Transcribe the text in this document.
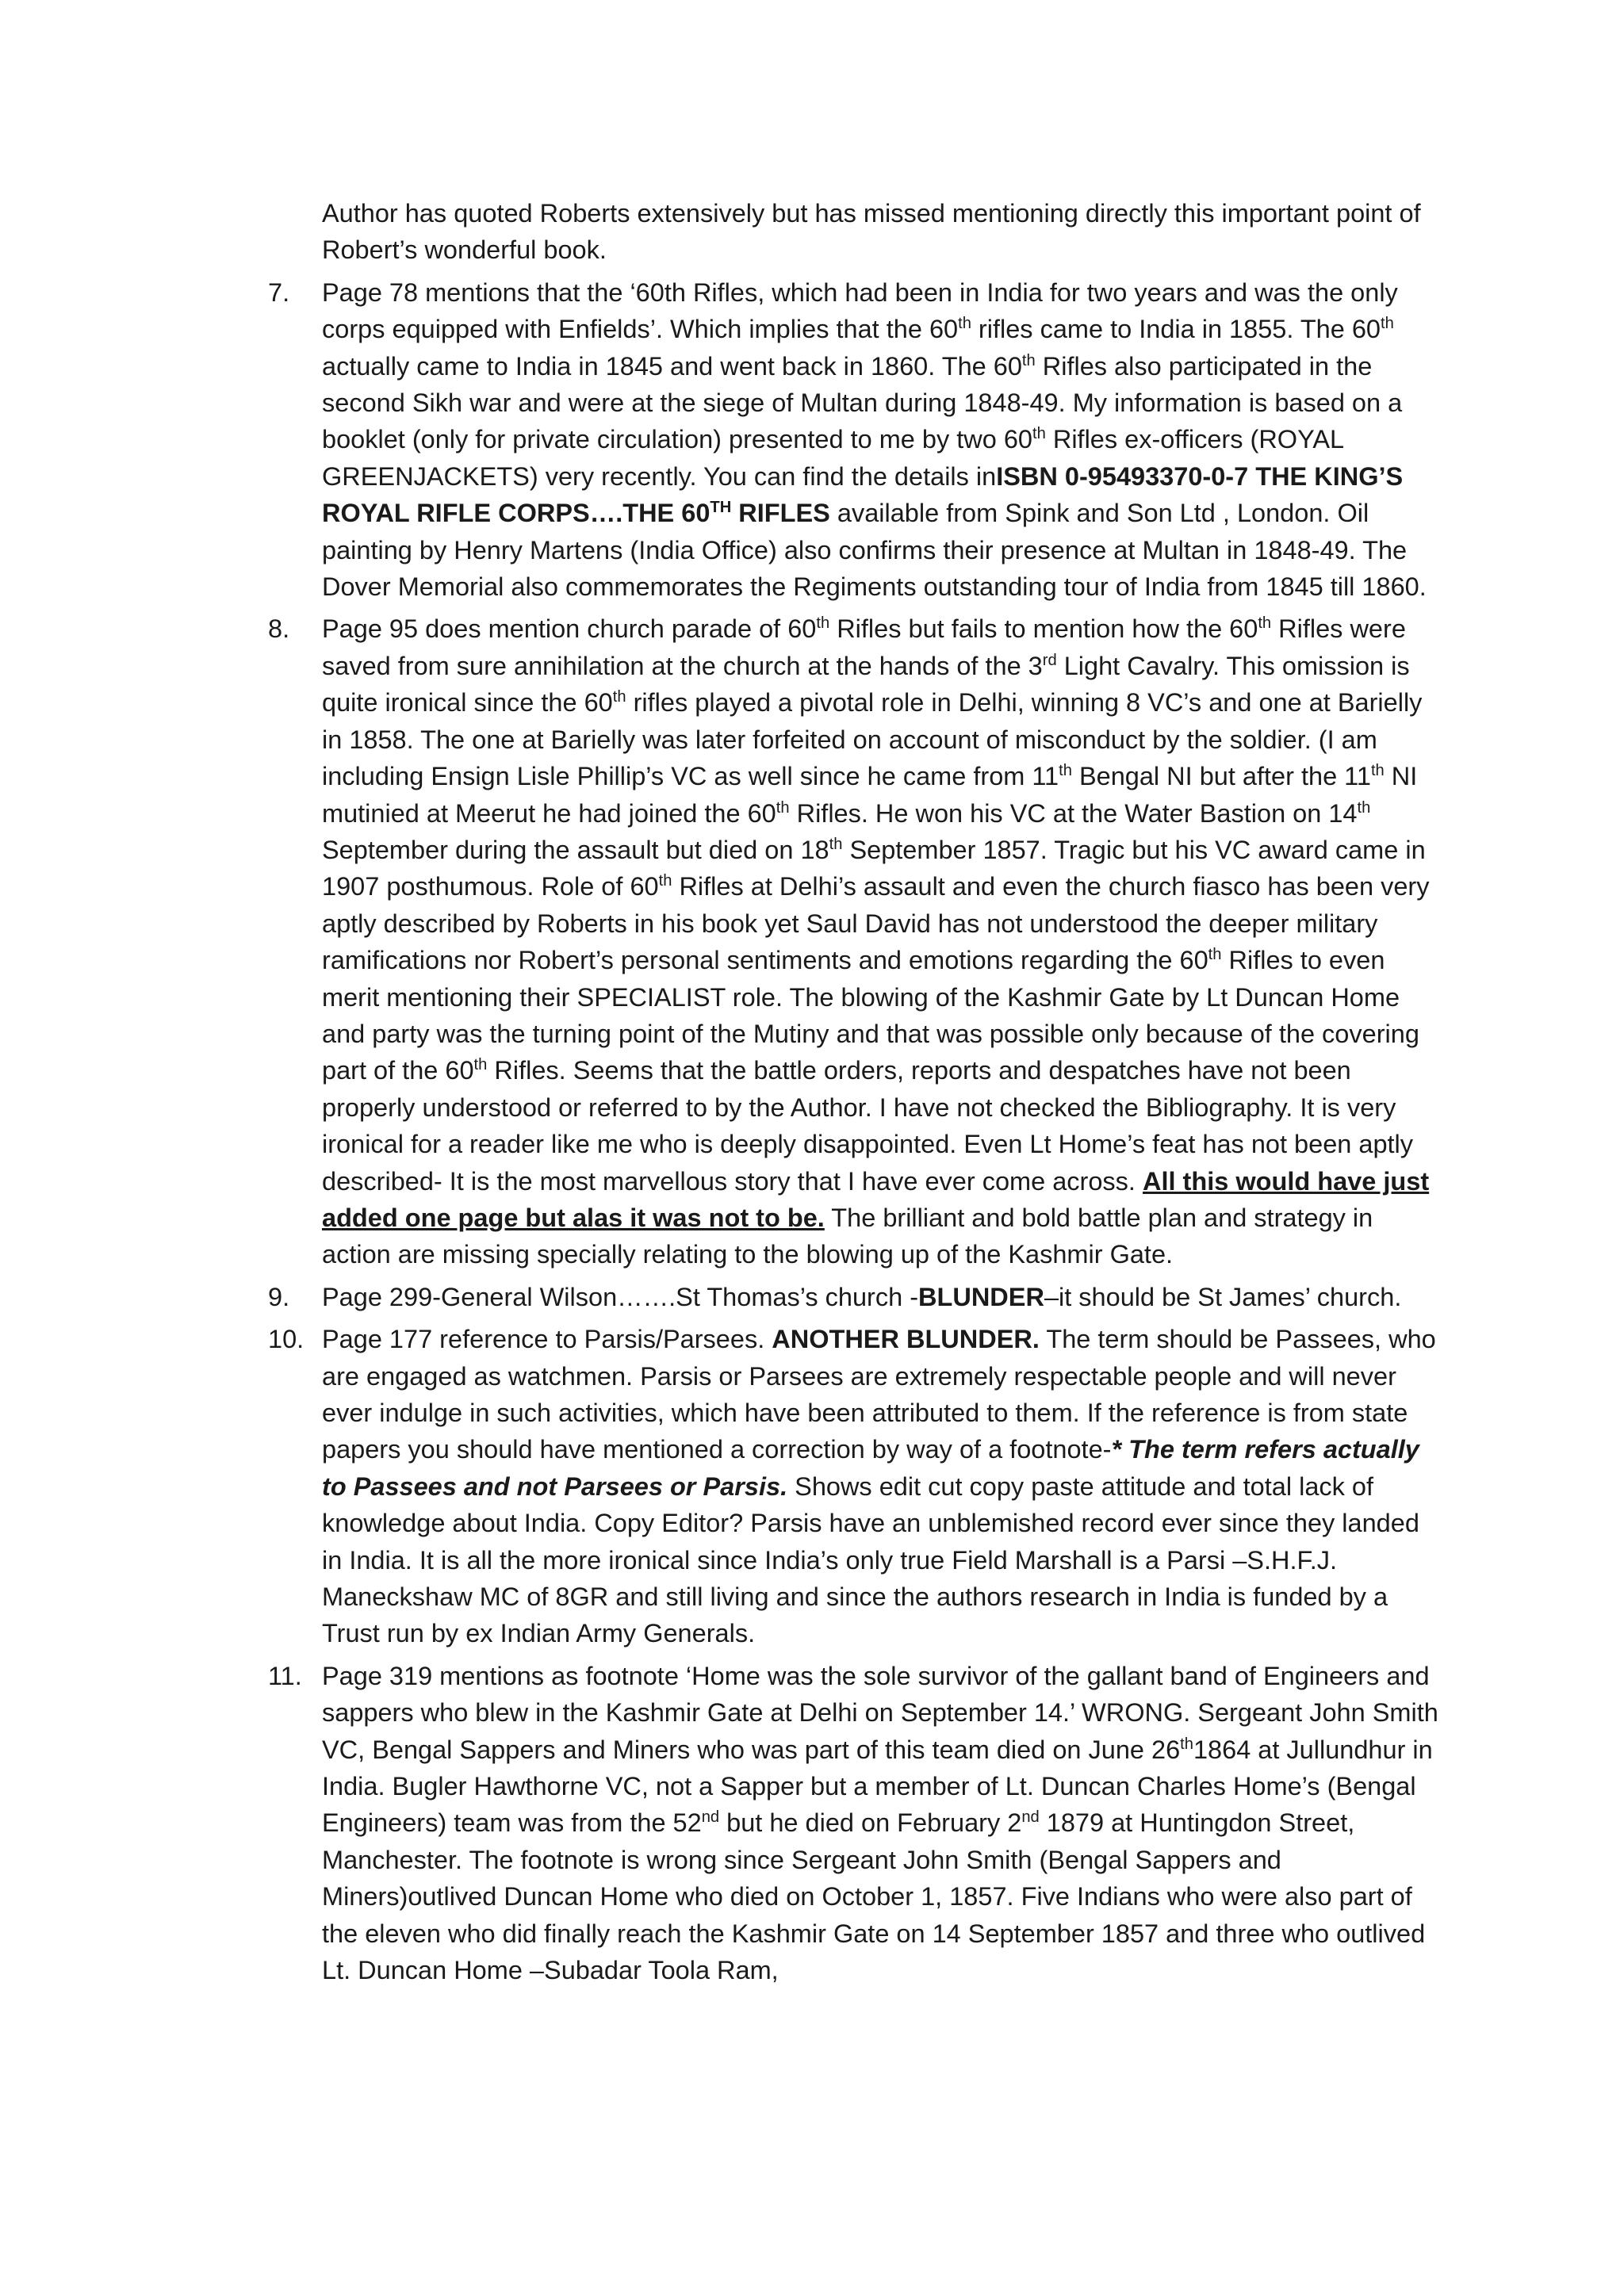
Author has quoted Roberts extensively but has missed mentioning directly this important point of Robert’s wonderful book.

7. Page 78 mentions that the ‘60th Rifles, which had been in India for two years and was the only corps equipped with Enfields’. Which implies that the 60th rifles came to India in 1855. The 60th actually came to India in 1845 and went back in 1860. The 60th Rifles also participated in the second Sikh war and were at the siege of Multan during 1848-49. My information is based on a booklet (only for private circulation) presented to me by two 60th Rifles ex-officers (ROYAL GREENJACKETS) very recently. You can find the details inISBN 0-95493370-0-7 THE KING’S ROYAL RIFLE CORPS….THE 60TH RIFLES available from Spink and Son Ltd , London. Oil painting by Henry Martens (India Office) also confirms their presence at Multan in 1848-49. The Dover Memorial also commemorates the Regiments outstanding tour of India from 1845 till 1860.

8. Page 95 does mention church parade of 60th Rifles but fails to mention how the 60th Rifles were saved from sure annihilation at the church at the hands of the 3rd Light Cavalry. This omission is quite ironical since the 60th rifles played a pivotal role in Delhi, winning 8 VC’s and one at Barielly in 1858. The one at Barielly was later forfeited on account of misconduct by the soldier. (I am including Ensign Lisle Phillip’s VC as well since he came from 11th Bengal NI but after the 11th NI mutinied at Meerut he had joined the 60th Rifles. He won his VC at the Water Bastion on 14th September during the assault but died on 18th September 1857. Tragic but his VC award came in 1907 posthumous. Role of 60th Rifles at Delhi’s assault and even the church fiasco has been very aptly described by Roberts in his book yet Saul David has not understood the deeper military ramifications nor Robert’s personal sentiments and emotions regarding the 60th Rifles to even merit mentioning their SPECIALIST role. The blowing of the Kashmir Gate by Lt Duncan Home and party was the turning point of the Mutiny and that was possible only because of the covering part of the 60th Rifles. Seems that the battle orders, reports and despatches have not been properly understood or referred to by the Author. I have not checked the Bibliography. It is very ironical for a reader like me who is deeply disappointed. Even Lt Home’s feat has not been aptly described- It is the most marvellous story that I have ever come across. All this would have just added one page but alas it was not to be. The brilliant and bold battle plan and strategy in action are missing specially relating to the blowing up of the Kashmir Gate.

9. Page 299-General Wilson…….St Thomas’s church -BLUNDER–it should be St James’ church.

10. Page 177 reference to Parsis/Parsees. ANOTHER BLUNDER. The term should be Passees, who are engaged as watchmen. Parsis or Parsees are extremely respectable people and will never ever indulge in such activities, which have been attributed to them. If the reference is from state papers you should have mentioned a correction by way of a footnote-* The term refers actually to Passees and not Parsees or Parsis. Shows edit cut copy paste attitude and total lack of knowledge about India. Copy Editor? Parsis have an unblemished record ever since they landed in India. It is all the more ironical since India’s only true Field Marshall is a Parsi –S.H.F.J. Maneckshaw MC of 8GR and still living and since the authors research in India is funded by a Trust run by ex Indian Army Generals.

11. Page 319 mentions as footnote ‘Home was the sole survivor of the gallant band of Engineers and sappers who blew in the Kashmir Gate at Delhi on September 14.’ WRONG. Sergeant John Smith VC, Bengal Sappers and Miners who was part of this team died on June 26th1864 at Jullundhur in India. Bugler Hawthorne VC, not a Sapper but a member of Lt. Duncan Charles Home’s (Bengal Engineers) team was from the 52nd but he died on February 2nd 1879 at Huntingdon Street, Manchester. The footnote is wrong since Sergeant John Smith (Bengal Sappers and Miners)outlived Duncan Home who died on October 1, 1857. Five Indians who were also part of the eleven who did finally reach the Kashmir Gate on 14 September 1857 and three who outlived Lt. Duncan Home –Subadar Toola Ram,
